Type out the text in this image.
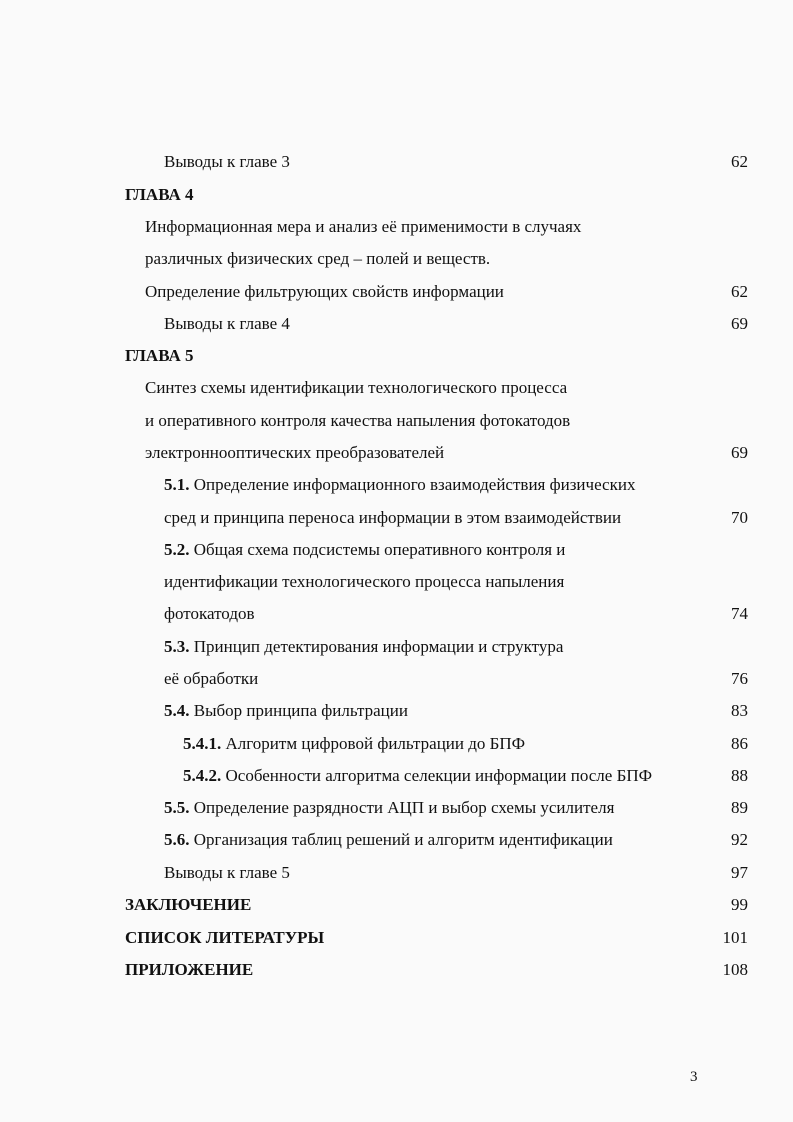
Выводы к главе 3	62
ГЛАВА 4
Информационная мера и анализ её применимости в случаях
различных физических сред – полей и веществ.
Определение фильтрующих свойств информации	62
Выводы к главе 4	69
ГЛАВА 5
Синтез схемы идентификации технологического процесса
и оперативного контроля качества напыления фотокатодов
электроннооптических преобразователей	69
5.1. Определение информационного взаимодействия физических
сред и принципа переноса информации в этом взаимодействии	70
5.2. Общая схема подсистемы оперативного контроля и
идентификации технологического процесса напыления
фотокатодов	74
5.3. Принцип детектирования информации и структура
её обработки	76
5.4. Выбор принципа фильтрации	83
5.4.1. Алгоритм цифровой фильтрации до БПФ	86
5.4.2. Особенности алгоритма селекции информации после БПФ	88
5.5. Определение разрядности АЦП и выбор схемы усилителя	89
5.6. Организация таблиц решений и алгоритм идентификации	92
Выводы к главе 5	97
ЗАКЛЮЧЕНИЕ	99
СПИСОК ЛИТЕРАТУРЫ	101
ПРИЛОЖЕНИЕ	108
3
